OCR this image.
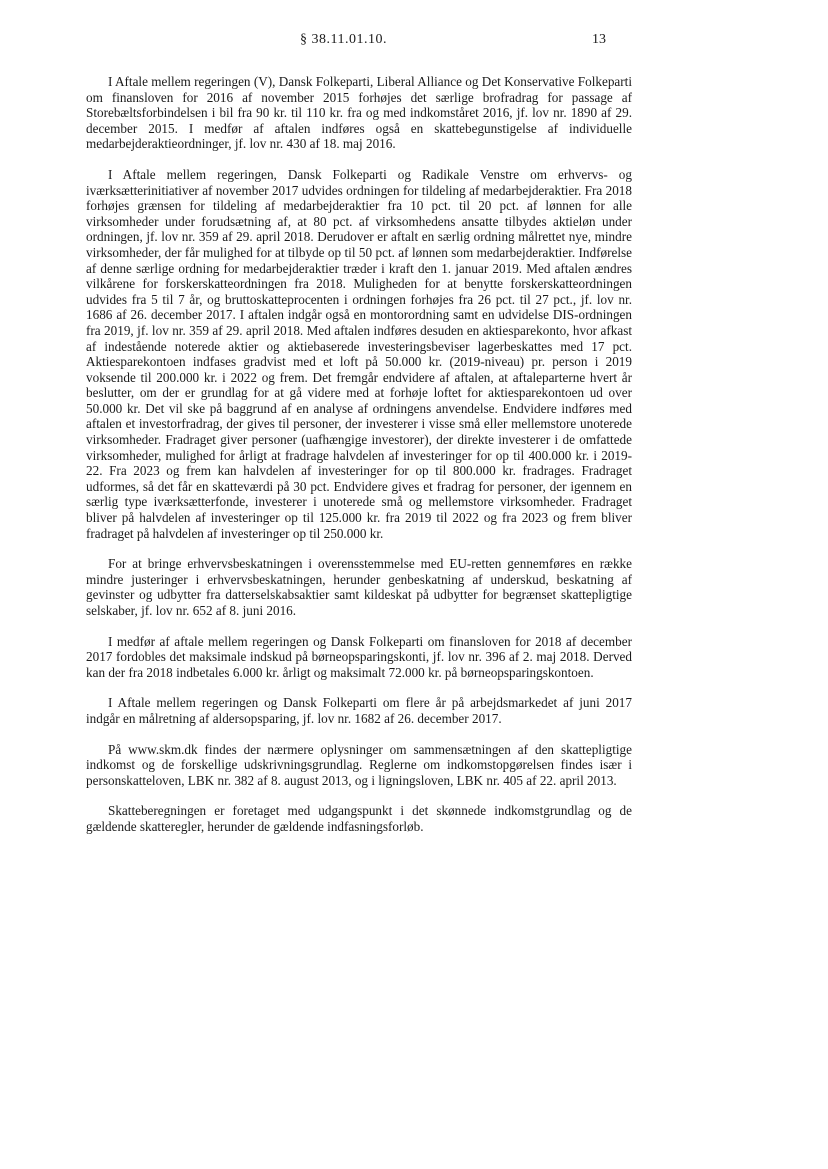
§ 38.11.01.10.	13

I Aftale mellem regeringen (V), Dansk Folkeparti, Liberal Alliance og Det Konservative Folkeparti om finansloven for 2016 af november 2015 forhøjes det særlige brofradrag for passage af Storebæltsforbindelsen i bil fra 90 kr. til 110 kr. fra og med indkomståret 2016, jf. lov nr. 1890 af 29. december 2015. I medfør af aftalen indføres også en skattebegunstigelse af individuelle medarbejderaktieordninger, jf. lov nr. 430 af 18. maj 2016.

I Aftale mellem regeringen, Dansk Folkeparti og Radikale Venstre om erhvervs- og iværksætterinitiativer af november 2017 udvides ordningen for tildeling af medarbejderaktier. Fra 2018 forhøjes grænsen for tildeling af medarbejderaktier fra 10 pct. til 20 pct. af lønnen for alle virksomheder under forudsætning af, at 80 pct. af virksomhedens ansatte tilbydes aktieløn under ordningen, jf. lov nr. 359 af 29. april 2018. Derudover er aftalt en særlig ordning målrettet nye, mindre virksomheder, der får mulighed for at tilbyde op til 50 pct. af lønnen som medarbejderaktier. Indførelse af denne særlige ordning for medarbejderaktier træder i kraft den 1. januar 2019. Med aftalen ændres vilkårene for forskerskatteordningen fra 2018. Muligheden for at benytte forskerskatteordningen udvides fra 5 til 7 år, og bruttoskatteprocenten i ordningen forhøjes fra 26 pct. til 27 pct., jf. lov nr. 1686 af 26. december 2017. I aftalen indgår også en montorordning samt en udvidelse DIS-ordningen fra 2019, jf. lov nr. 359 af 29. april 2018. Med aftalen indføres desuden en aktiesparekonto, hvor afkast af indestående noterede aktier og aktiebaserede investeringsbeviser lagerbeskattes med 17 pct. Aktiesparekontoen indfases gradvist med et loft på 50.000 kr. (2019-niveau) pr. person i 2019 voksende til 200.000 kr. i 2022 og frem. Det fremgår endvidere af aftalen, at aftaleparterne hvert år beslutter, om der er grundlag for at gå videre med at forhøje loftet for aktiesparekontoen ud over 50.000 kr. Det vil ske på baggrund af en analyse af ordningens anvendelse. Endvidere indføres med aftalen et investorfradrag, der gives til personer, der investerer i visse små eller mellemstore unoterede virksomheder. Fradraget giver personer (uafhængige investorer), der direkte investerer i de omfattede virksomheder, mulighed for årligt at fradrage halvdelen af investeringer for op til 400.000 kr. i 2019-22. Fra 2023 og frem kan halvdelen af investeringer for op til 800.000 kr. fradrages. Fradraget udformes, så det får en skatteværdi på 30 pct. Endvidere gives et fradrag for personer, der igennem en særlig type iværksætterfonde, investerer i unoterede små og mellemstore virksomheder. Fradraget bliver på halvdelen af investeringer op til 125.000 kr. fra 2019 til 2022 og fra 2023 og frem bliver fradraget på halvdelen af investeringer op til 250.000 kr.

For at bringe erhvervsbeskatningen i overensstemmelse med EU-retten gennemføres en række mindre justeringer i erhvervsbeskatningen, herunder genbeskatning af underskud, beskatning af gevinster og udbytter fra datterselskabsaktier samt kildeskat på udbytter for begrænset skattepligtige selskaber, jf. lov nr. 652 af 8. juni 2016.

I medfør af aftale mellem regeringen og Dansk Folkeparti om finansloven for 2018 af december 2017 fordobles det maksimale indskud på børneopsparingskonti, jf. lov nr. 396 af 2. maj 2018. Derved kan der fra 2018 indbetales 6.000 kr. årligt og maksimalt 72.000 kr. på børneopsparingskontoen.

I Aftale mellem regeringen og Dansk Folkeparti om flere år på arbejdsmarkedet af juni 2017 indgår en målretning af aldersopsparing, jf. lov nr. 1682 af 26. december 2017.

På www.skm.dk findes der nærmere oplysninger om sammensætningen af den skattepligtige indkomst og de forskellige udskrivningsgrundlag. Reglerne om indkomstopgørelsen findes især i personskatteloven, LBK nr. 382 af 8. august 2013, og i ligningsloven, LBK nr. 405 af 22. april 2013.

Skatteberegningen er foretaget med udgangspunkt i det skønnede indkomstgrundlag og de gældende skatteregler, herunder de gældende indfasningsforløb.
